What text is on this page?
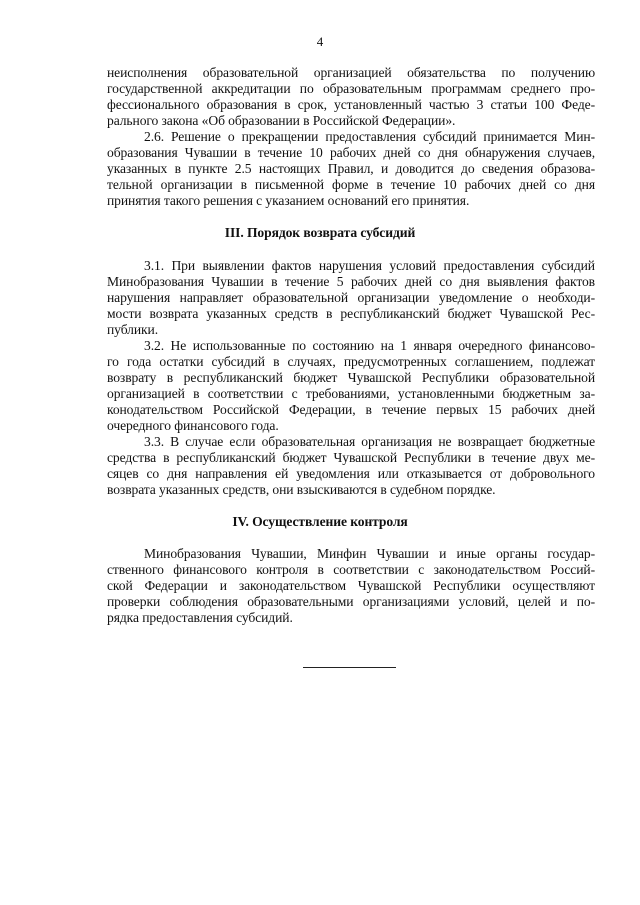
4
неисполнения образовательной организацией обязательства по получению
государственной аккредитации по образовательным программам среднего про-
фессионального образования в срок, установленный частью 3 статьи 100 Феде-
рального закона «Об образовании в Российской Федерации».
2.6. Решение о прекращении предоставления субсидий принимается Мин-
образования Чувашии в течение 10 рабочих дней со дня обнаружения случаев,
указанных в пункте 2.5 настоящих Правил, и доводится до сведения образова-
тельной организации в письменной форме в течение 10 рабочих дней со дня
принятия такого решения с указанием оснований его принятия.
III. Порядок возврата субсидий
3.1. При выявлении фактов нарушения условий предоставления субсидий
Минобразования Чувашии в течение 5 рабочих дней со дня выявления фактов
нарушения направляет образовательной организации уведомление о необходи-
мости возврата указанных средств в республиканский бюджет Чувашской Рес-
публики.
3.2. Не использованные по состоянию на 1 января очередного финансово-
го года остатки субсидий в случаях, предусмотренных соглашением, подлежат
возврату в республиканский бюджет Чувашской Республики образовательной
организацией в соответствии с требованиями, установленными бюджетным за-
конодательством Российской Федерации, в течение первых 15 рабочих дней
очередного финансового года.
3.3. В случае если образовательная организация не возвращает бюджетные
средства в республиканский бюджет Чувашской Республики в течение двух ме-
сяцев со дня направления ей уведомления или отказывается от добровольного
возврата указанных средств, они взыскиваются в судебном порядке.
IV. Осуществление контроля
Минобразования Чувашии, Минфин Чувашии и иные органы государ-
ственного финансового контроля в соответствии с законодательством Россий-
ской Федерации и законодательством Чувашской Республики осуществляют
проверки соблюдения образовательными организациями условий, целей и по-
рядка предоставления субсидий.
